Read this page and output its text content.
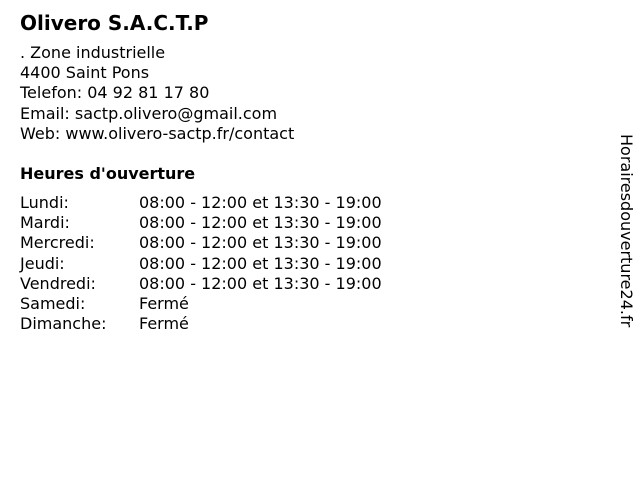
Olivero S.A.C.T.P
. Zone industrielle
4400 Saint Pons
Telefon: 04 92 81 17 80
Email: sactp.olivero@gmail.com
Web: www.olivero-sactp.fr/contact
Heures d'ouverture
Lundi:	08:00 - 12:00 et 13:30 - 19:00
Mardi:	08:00 - 12:00 et 13:30 - 19:00
Mercredi:	08:00 - 12:00 et 13:30 - 19:00
Jeudi:	08:00 - 12:00 et 13:30 - 19:00
Vendredi:	08:00 - 12:00 et 13:30 - 19:00
Samedi:	Fermé
Dimanche:	Fermé	Horairesdouverture24.fr
